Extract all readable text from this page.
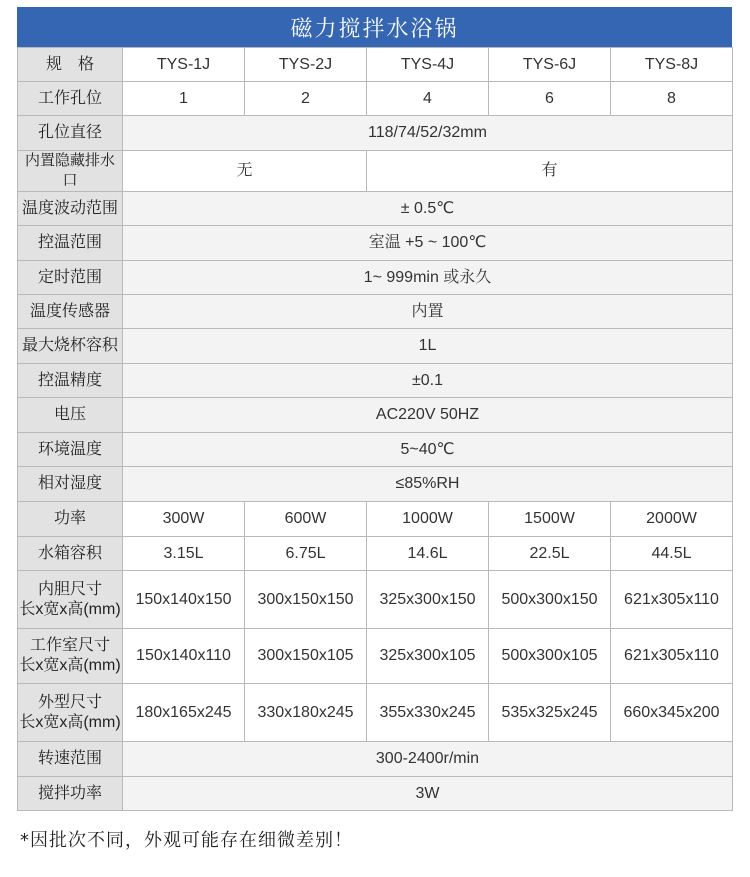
磁力搅拌水浴锅
规　格	TYS-1J	TYS-2J	TYS-4J	TYS-6J	TYS-8J
工作孔位	1	2	4	6	8
孔位直径	118/74/52/32mm				
内置隐藏排水口	无		有		
温度波动范围	± 0.5℃				
控温范围	室温 +5 ~ 100℃				
定时范围	1~ 999min 或永久				
温度传感器	内置				
最大烧杯容积	1L				
控温精度	±0.1				
电压	AC220V 50HZ				
环境温度	5~40℃				
相对湿度	≤85%RH				
功率	300W	600W	1000W	1500W	2000W
水箱容积	3.15L	6.75L	14.6L	22.5L	44.5L

内胆尺寸
长x宽x高(mm)	150x140x150	300x150x150	325x300x150	500x300x150	621x305x110

工作室尺寸
长x宽x高(mm)	150x140x110	300x150x105	325x300x105	500x300x105	621x305x110

外型尺寸
长x宽x高(mm)	180x165x245	330x180x245	355x330x245	535x325x245	660x345x200
转速范围	300-2400r/min				
搅拌功率	3W				
*因批次不同，外观可能存在细微差别！
